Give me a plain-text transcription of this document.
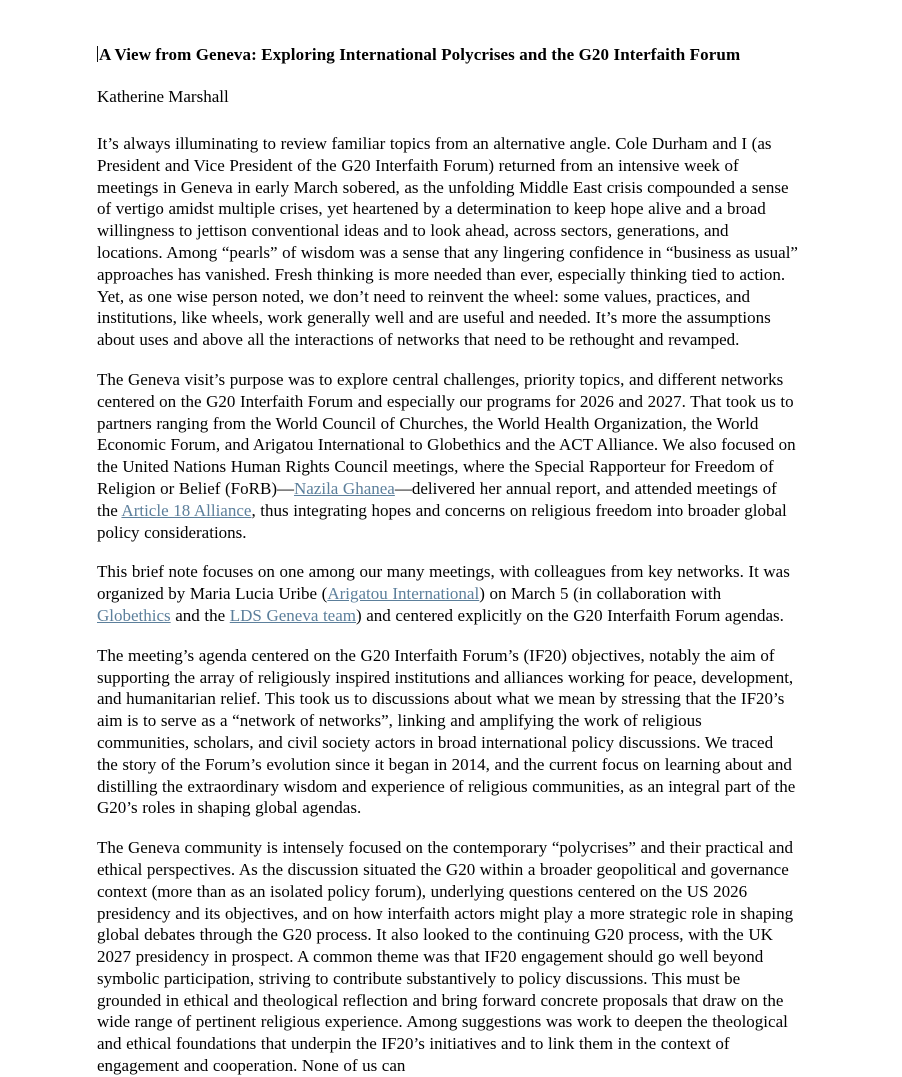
A View from Geneva: Exploring International Polycrises and the G20 Interfaith Forum
Katherine Marshall

It’s always illuminating to review familiar topics from an alternative angle. Cole Durham and I (as President and Vice President of the G20 Interfaith Forum) returned from an intensive week of meetings in Geneva in early March sobered, as the unfolding Middle East crisis compounded a sense of vertigo amidst multiple crises, yet heartened by a determination to keep hope alive and a broad willingness to jettison conventional ideas and to look ahead, across sectors, generations, and locations. Among “pearls” of wisdom was a sense that any lingering confidence in “business as usual” approaches has vanished. Fresh thinking is more needed than ever, especially thinking tied to action. Yet, as one wise person noted, we don’t need to reinvent the wheel: some values, practices, and institutions, like wheels, work generally well and are useful and needed. It’s more the assumptions about uses and above all the interactions of networks that need to be rethought and revamped.

The Geneva visit’s purpose was to explore central challenges, priority topics, and different networks centered on the G20 Interfaith Forum and especially our programs for 2026 and 2027. That took us to partners ranging from the World Council of Churches, the World Health Organization, the World Economic Forum, and Arigatou International to Globethics and the ACT Alliance. We also focused on the United Nations Human Rights Council meetings, where the Special Rapporteur for Freedom of Religion or Belief (FoRB)—Nazila Ghanea—delivered her annual report, and attended meetings of the Article 18 Alliance, thus integrating hopes and concerns on religious freedom into broader global policy considerations.

This brief note focuses on one among our many meetings, with colleagues from key networks. It was organized by Maria Lucia Uribe (Arigatou International) on March 5 (in collaboration with Globethics and the LDS Geneva team) and centered explicitly on the G20 Interfaith Forum agendas.

The meeting’s agenda centered on the G20 Interfaith Forum’s (IF20) objectives, notably the aim of supporting the array of religiously inspired institutions and alliances working for peace, development, and humanitarian relief. This took us to discussions about what we mean by stressing that the IF20’s aim is to serve as a “network of networks”, linking and amplifying the work of religious communities, scholars, and civil society actors in broad international policy discussions. We traced the story of the Forum’s evolution since it began in 2014, and the current focus on learning about and distilling the extraordinary wisdom and experience of religious communities, as an integral part of the G20’s roles in shaping global agendas.

The Geneva community is intensely focused on the contemporary “polycrises” and their practical and ethical perspectives. As the discussion situated the G20 within a broader geopolitical and governance context (more than as an isolated policy forum), underlying questions centered on the US 2026 presidency and its objectives, and on how interfaith actors might play a more strategic role in shaping global debates through the G20 process. It also looked to the continuing G20 process, with the UK 2027 presidency in prospect. A common theme was that IF20 engagement should go well beyond symbolic participation, striving to contribute substantively to policy discussions. This must be grounded in ethical and theological reflection and bring forward concrete proposals that draw on the wide range of pertinent religious experience. Among suggestions was work to deepen the theological and ethical foundations that underpin the IF20’s initiatives and to link them in the context of engagement and cooperation. None of us can
